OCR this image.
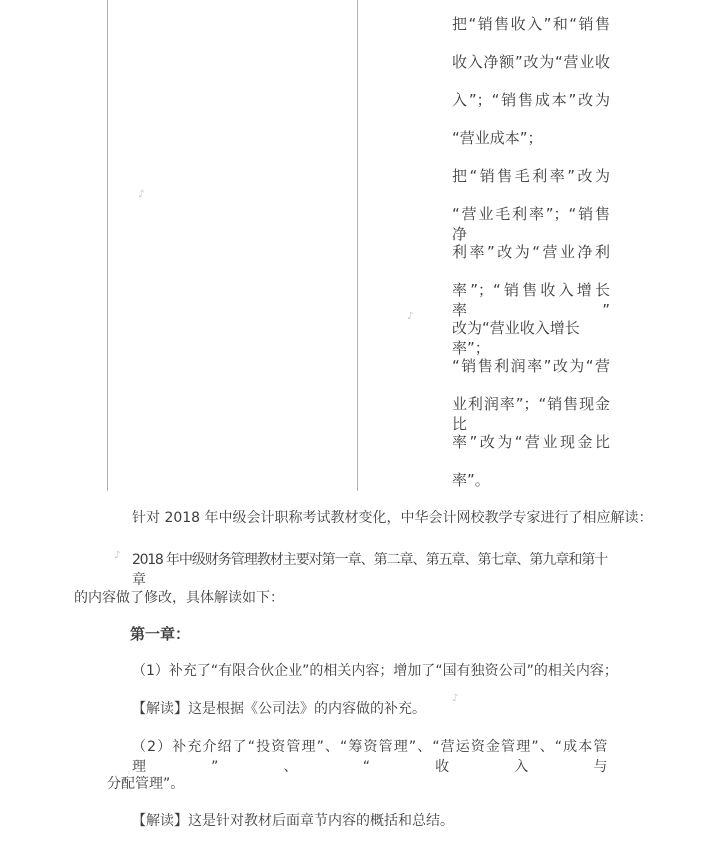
把“销售收入”和“销售
收入净额”改为“营业收
入”；“销售成本”改为
“营业成本”；
把“销售毛利率”改为
“营业毛利率”；“销售净
利率”改为“营业净利
率”；“销售收入增长率”
改为“营业收入增长率”；
“销售利润率”改为“营
业利润率”；“销售现金比
率”改为“营业现金比
率”。
针对 2018 年中级会计职称考试教材变化，中华会计网校教学专家进行了相应解读：
2018 年中级财务管理教材主要对第一章、第二章、第五章、第七章、第九章和第十章
的内容做了修改，具体解读如下：
第一章：
（1）补充了“有限合伙企业”的相关内容；增加了“国有独资公司”的相关内容；
【解读】这是根据《公司法》的内容做的补充。
（2）补充介绍了“投资管理”、“筹资管理”、“营运资金管理”、“成本管理”、“收入与
分配管理”。
【解读】这是针对教材后面章节内容的概括和总结。
♪
♪
♪
♪
